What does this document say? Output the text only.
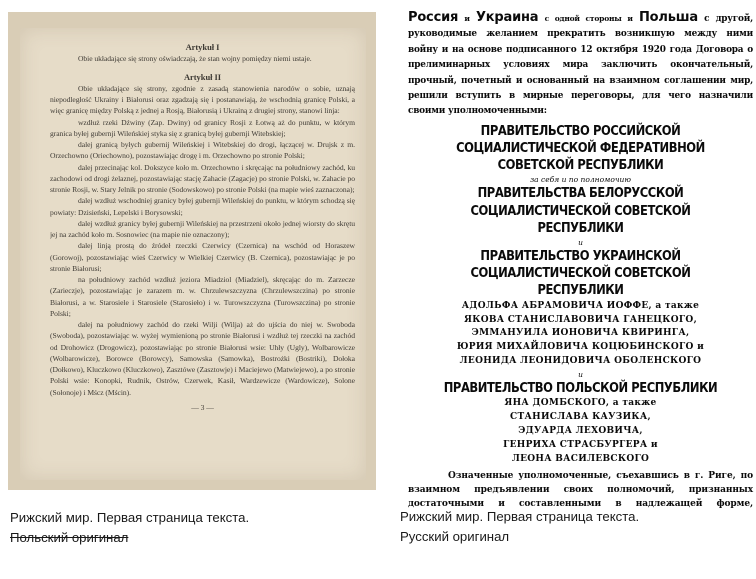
Artykuł I

Obie układające się strony oświadczają, że stan wojny pomiędzy niemi ustaje.

Artykuł II

Obie układające się strony, zgodnie z zasadą stanowienia narodów o sobie, uznają niepodległość Ukrainy i Białorusi oraz zgadzają się i postanawiają, że wschodnią granicę Polski, a więc granicę między Polską z jednej a Rosją, Białorusią i Ukrainą z drugiej strony, stanowi linja:

wzdłuż rzeki Dźwiny (Zap. Dwiny) od granicy Rosji z Łotwą aż do punktu, w którym granica byłej gubernji Wileńskiej styka się z granicą byłej gubernji Witebskiej;

dalej granicą byłych gubernij Wileńskiej i Witebskiej do drogi, łączącej w. Drujsk z m. Orzechowno (Oriechowno), pozostawiając drogę i m. Orzechowno po stronie Polski;

dalej przecinając kol. Dokszyce koło m. Orzechowno i skręcając na południowy zachód, ku zachodowi od drogi żelaznej, pozostawiając stację Zahacie (Zagacje) po stronie Polski, w. Zahacie po stronie Rosji, w. Stary Jelnik po stronie (Sodowskowo) po stronie Polski (na mapie wieś zaznaczona);

dalej wzdłuż wschodniej granicy byłej gubernji Wileńskiej do punktu, w którym schodzą się powiaty: Dzisieński, Lepelski i Borysowski;

dalej wzdłuż granicy byłej gubernji Wileńskiej na przestrzeni około jednej wiorsty do skrętu jej na zachód koło m. Sosnowiec (na mapie nie oznaczony);

dalej linją prostą do źródeł rzeczki Czerwicy (Czernica) na wschód od Horaszew (Gorowoj), pozostawiając wieś Czerwicy w Wielkiej Czerwicy (B. Czernica), pozostawiając je po stronie Białorusi;

na południowy zachód wzdłuż jeziora Miadziol (Miadziel), skręcając do m. Zarzecze (Zarieczje), pozostawiając je zarazem m. w. Chrzulewszczyzna (Chrzulewszczina) po stronie Białorusi, a w. Starosiele i Starosiele (Starosieło) i w. Turowszczyzna (Turowszczina) po stronie Polski;

dalej na południowy zachód do rzeki Wilji (Wilja) aż do ujścia do niej w. Swoboda (Swoboda), pozostawiając w. wyżej wymienioną po stronie Białorusi i wzdłuż tej rzeczki na zachód od Drohowicz (Drogowicz), pozostawiając po stronie Białorusi wsie: Uhły (Ugly), Wolbarowicze (Wolbarowicze), Borowce (Borowcy), Samowska (Samowka), Bostrożki (Bostriki), Dołoka (Dołkowo), Kluczkowo (Kluczkowo), Zasztówe (Zasztowje) i Maciejewo (Matwiejewo), a po stronie Polski wsie: Konopki, Rudnik, Ostrów, Czerwek, Kasił, Wardzewicze (Wardowicze), Solone (Sołonoje) i Mścz (Mścin).

— 3 —

Россия и Украина с одной стороны и Польша с другой, руководимые желанием прекратить возникшую между ними войну и на основе подписанного 12 октября 1920 года Договора о прелиминарных условиях мира заключить окончательный, прочный, почетный и основанный на взаимном соглашении мир, решили вступить в мирные переговоры, для чего назначили своими уполномоченными:

ПРАВИТЕЛЬСТВО РОССИЙСКОЙ
СОЦИАЛИСТИЧЕСКОЙ ФЕДЕРАТИВНОЙ
СОВЕТСКОЙ РЕСПУБЛИКИ
за себя и по полномочию
ПРАВИТЕЛЬСТВА БЕЛОРУССКОЙ
СОЦИАЛИСТИЧЕСКОЙ СОВЕТСКОЙ РЕСПУБЛИКИ
и
ПРАВИТЕЛЬСТВО УКРАИНСКОЙ
СОЦИАЛИСТИЧЕСКОЙ СОВЕТСКОЙ РЕСПУБЛИКИ
АДОЛЬФА АБРАМОВИЧА ИОФФЕ, а также
ЯКОВА СТАНИСЛАВОВИЧА ГАНЕЦКОГО,
ЭММАНУИЛА ИОНОВИЧА КВИРИНГА,
ЮРИЯ МИХАЙЛОВИЧА КОЦЮБИНСКОГО и
ЛЕОНИДА ЛЕОНИДОВИЧА ОБОЛЕНСКОГО
и
ПРАВИТЕЛЬСТВО ПОЛЬСКОЙ РЕСПУБЛИКИ
ЯНА ДОМБСКОГО, а также
СТАНИСЛАВА КАУЗИКА,
ЭДУАРДА ЛЕХОВИЧА,
ГЕНРИХА СТРАСБУРГЕРА и
ЛЕОНА ВАСИЛЕВСКОГО

Означенные уполномоченные, съехавшись в г. Риге, по взаимном предъявлении своих полномочий, признанных достаточными и составленными в надлежащей форме,

Рижский мир. Первая страница текста.
Польский оригинал
Рижский мир. Первая страница текста.
Русский оригинал
